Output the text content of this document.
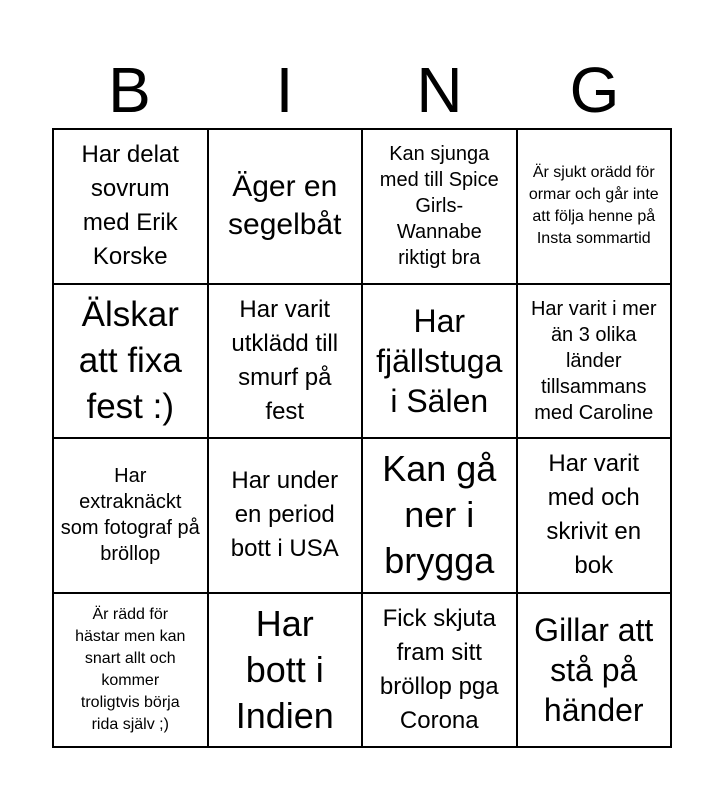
B	I	N	G
Har delat sovrum med Erik Korske
Äger en segelbåt
Kan sjunga med till Spice Girls- Wannabe riktigt bra
Är sjukt orädd för ormar och går inte att följa henne på Insta sommartid
Älskar att fixa fest :)
Har varit utklädd till smurf på fest
Har fjällstuga i Sälen
Har varit i mer än 3 olika länder tillsammans med Caroline
Har extraknäckt som fotograf på bröllop
Har under en period bott i USA
Kan gå ner i brygga
Har varit med och skrivit en bok
Är rädd för hästar men kan snart allt och kommer troligtvis börja rida själv ;)
Har bott i Indien
Fick skjuta fram sitt bröllop pga Corona
Gillar att stå på händer
